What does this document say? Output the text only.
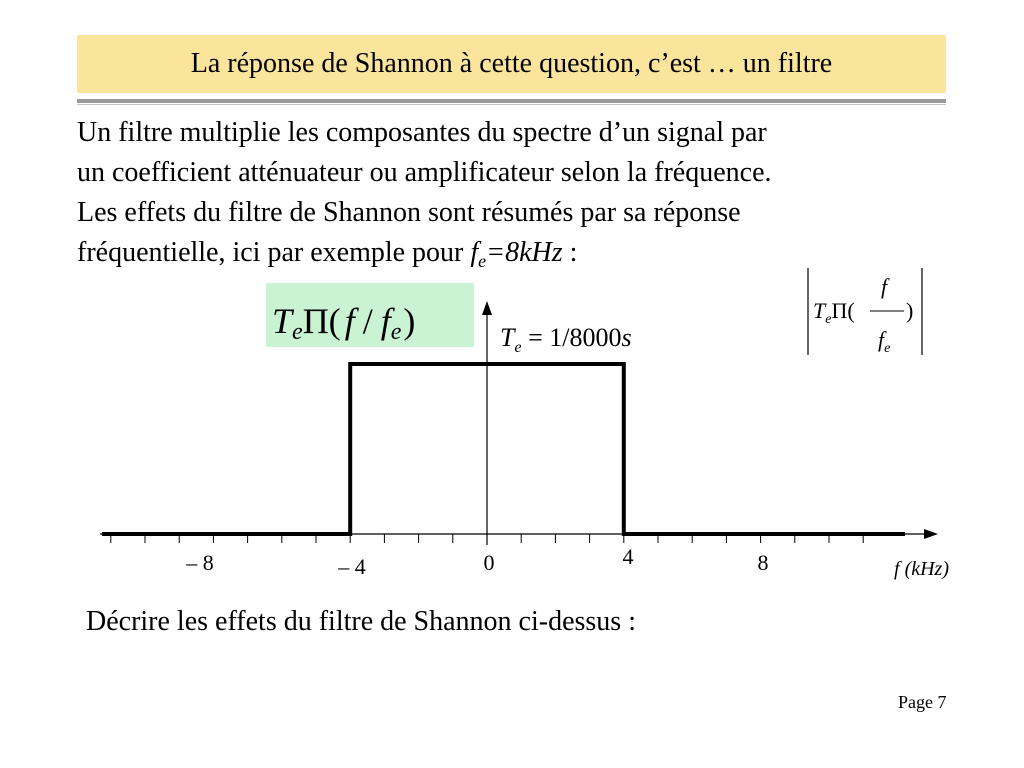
La réponse de Shannon à cette question, c’est … un filtre

Un filtre multiplie les composantes du spectre d’un signal par

un coefficient atténuateur ou amplificateur selon la fréquence.

Les effets du filtre de Shannon sont résumés par sa réponse

fréquentielle, ici par exemple pour $f_e=8kHz$ :

TeΠ( f / fe)
– 8	– 4	0	4	8	f (kHz)
$T_e\Pi$(
f
$f_e$
)
$T_e = 1/8000s$
Décrire les effets du filtre de Shannon ci-dessus :
Page 7
